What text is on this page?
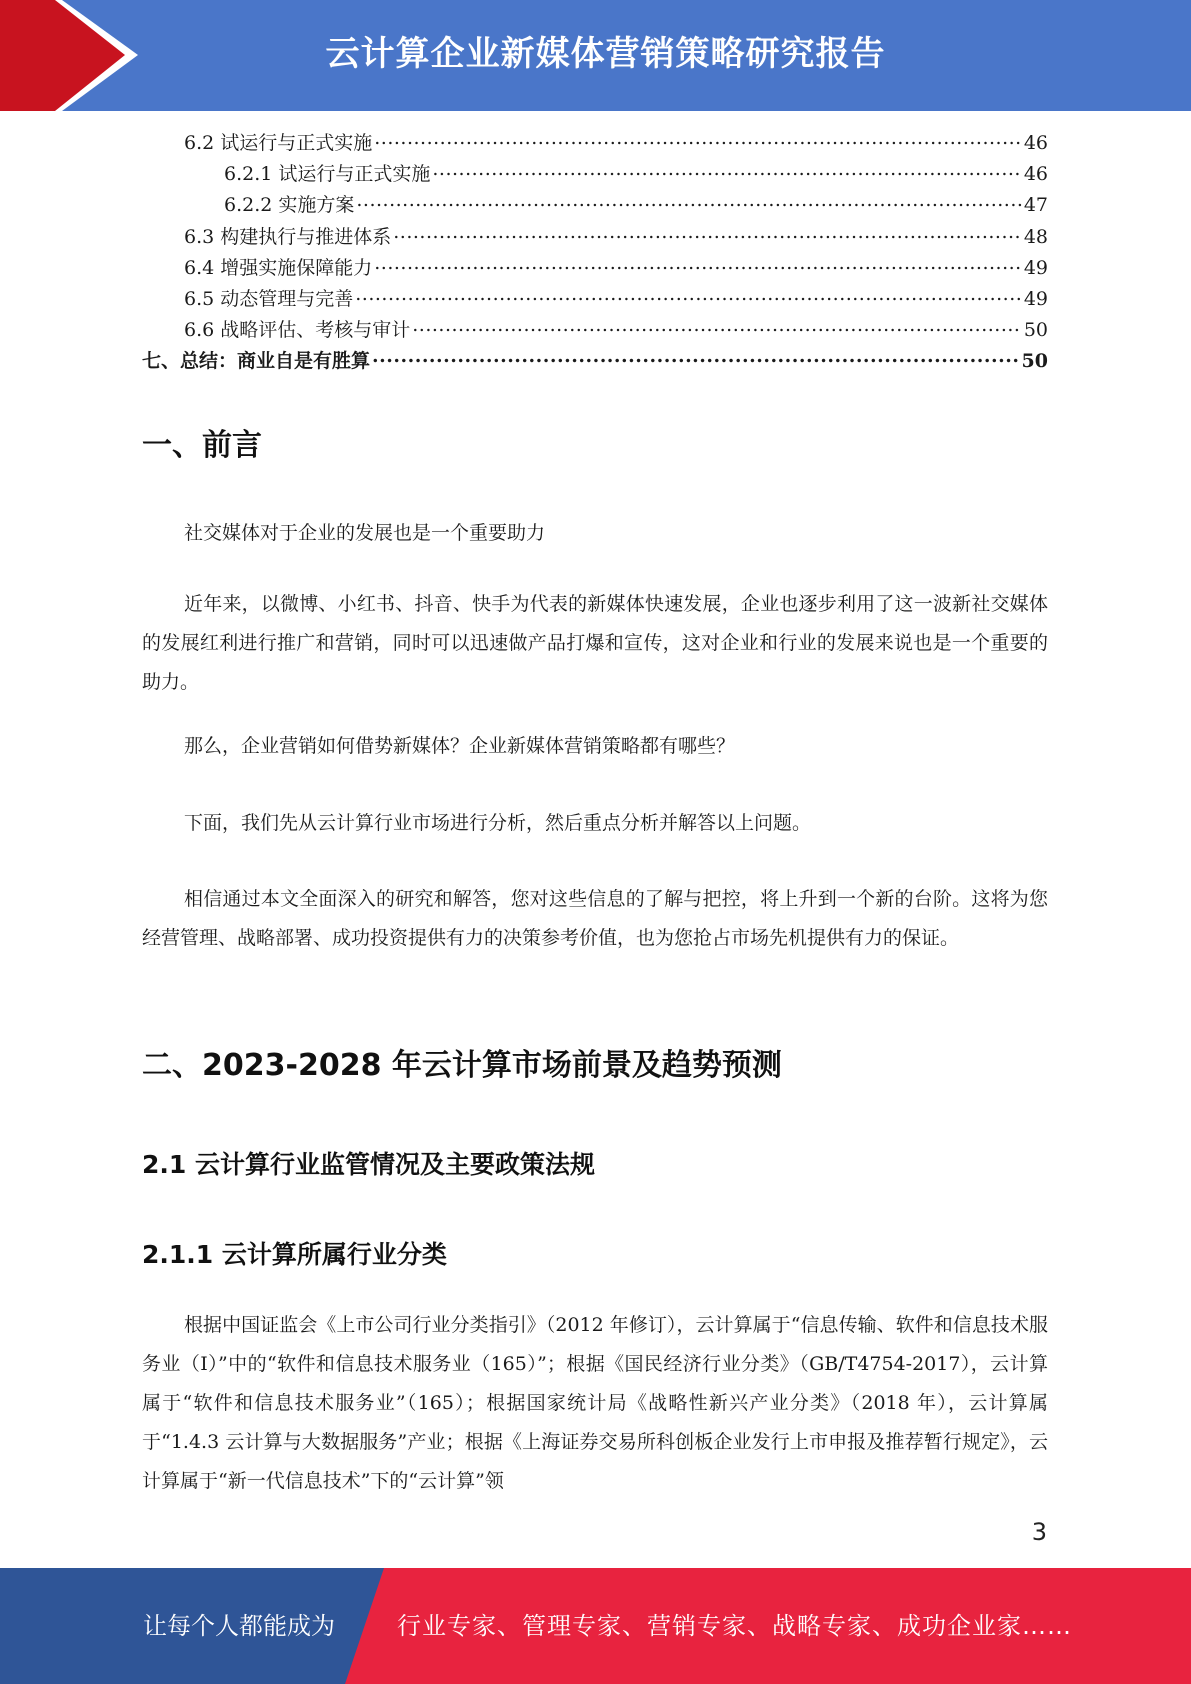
云计算企业新媒体营销策略研究报告
6.2 试运行与正式实施 .....	46
6.2.1 试运行与正式实施 .....	46
6.2.2 实施方案 .....	47
6.3 构建执行与推进体系 .....	48
6.4 增强实施保障能力 .....	49
6.5 动态管理与完善 .....	49
6.6 战略评估、考核与审计 .....	50
七、总结：商业自是有胜算 .....	50
一、前言

社交媒体对于企业的发展也是一个重要助力

近年来，以微博、小红书、抖音、快手为代表的新媒体快速发展，企业也逐步利用了这一波新社交媒体的发展红利进行推广和营销，同时可以迅速做产品打爆和宣传，这对企业和行业的发展来说也是一个重要的助力。

那么，企业营销如何借势新媒体？企业新媒体营销策略都有哪些？

下面，我们先从云计算行业市场进行分析，然后重点分析并解答以上问题。

相信通过本文全面深入的研究和解答，您对这些信息的了解与把控，将上升到一个新的台阶。这将为您经营管理、战略部署、成功投资提供有力的决策参考价值，也为您抢占市场先机提供有力的保证。

二、2023-2028 年云计算市场前景及趋势预测
2.1 云计算行业监管情况及主要政策法规
2.1.1 云计算所属行业分类

根据中国证监会《上市公司行业分类指引》（2012 年修订），云计算属于“信息传输、软件和信息技术服务业（I）”中的“软件和信息技术服务业（165）”；根据《国民经济行业分类》（GB/T4754-2017），云计算属于“软件和信息技术服务业”（165）；根据国家统计局《战略性新兴产业分类》（2018 年），云计算属于“1.4.3 云计算与大数据服务”产业；根据《上海证券交易所科创板企业发行上市申报及推荐暂行规定》，云计算属于“新一代信息技术”下的“云计算”领

3
让每个人都能成为	行业专家、管理专家、营销专家、战略专家、成功企业家……
